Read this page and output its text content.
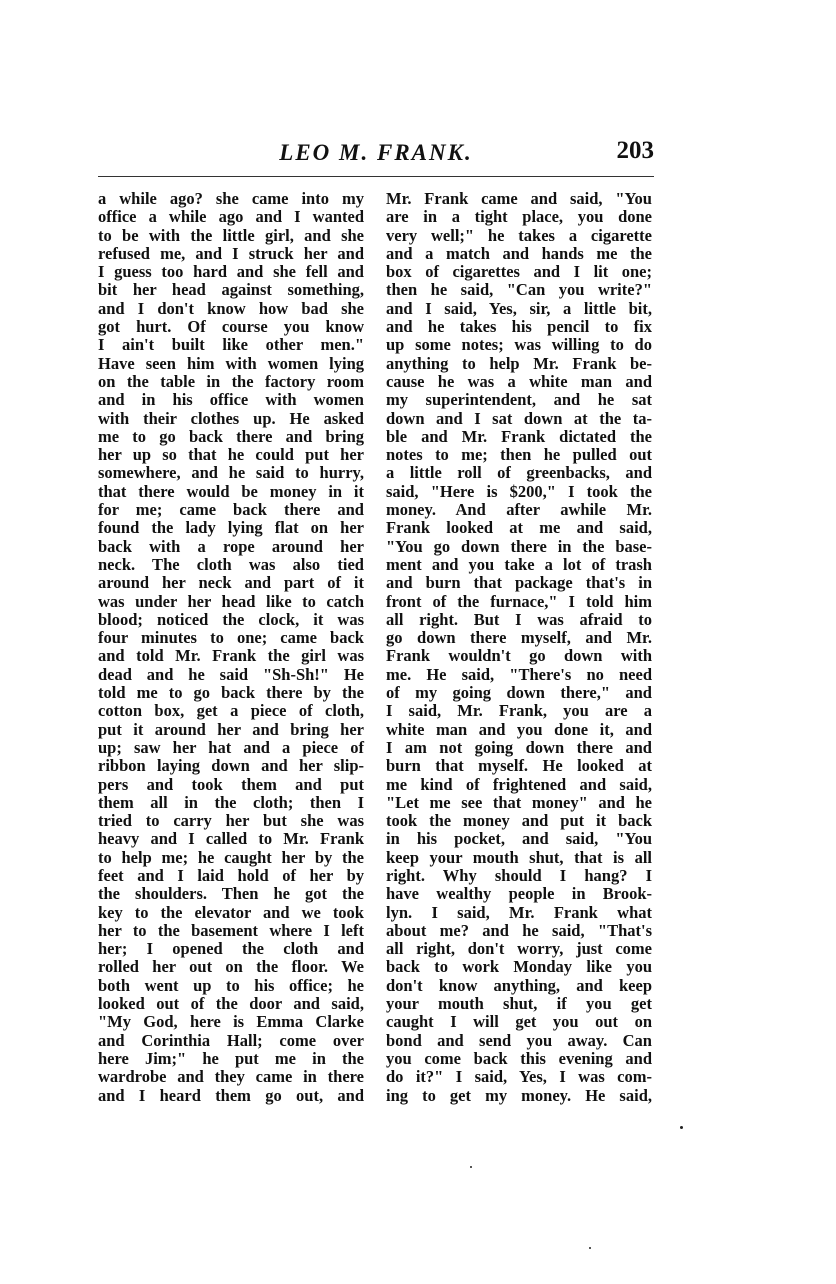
LEO M. FRANK.	203
a while ago? she came into my
office a while ago and I wanted
to be with the little girl, and she
refused me, and I struck her and
I guess too hard and she fell and
bit her head against something,
and I don't know how bad she
got hurt. Of course you know
I ain't built like other men."
Have seen him with women lying
on the table in the factory room
and in his office with women
with their clothes up. He asked
me to go back there and bring
her up so that he could put her
somewhere, and he said to hurry,
that there would be money in it
for me; came back there and
found the lady lying flat on her
back with a rope around her
neck. The cloth was also tied
around her neck and part of it
was under her head like to catch
blood; noticed the clock, it was
four minutes to one; came back
and told Mr. Frank the girl was
dead and he said "Sh-Sh!" He
told me to go back there by the
cotton box, get a piece of cloth,
put it around her and bring her
up; saw her hat and a piece of
ribbon laying down and her slip-
pers and took them and put
them all in the cloth; then I
tried to carry her but she was
heavy and I called to Mr. Frank
to help me; he caught her by the
feet and I laid hold of her by
the shoulders. Then he got the
key to the elevator and we took
her to the basement where I left
her; I opened the cloth and
rolled her out on the floor. We
both went up to his office; he
looked out of the door and said,
"My God, here is Emma Clarke
and Corinthia Hall; come over
here Jim;" he put me in the
wardrobe and they came in there
and I heard them go out, and
Mr. Frank came and said, "You
are in a tight place, you done
very well;" he takes a cigarette
and a match and hands me the
box of cigarettes and I lit one;
then he said, "Can you write?"
and I said, Yes, sir, a little bit,
and he takes his pencil to fix
up some notes; was willing to do
anything to help Mr. Frank be-
cause he was a white man and
my superintendent, and he sat
down and I sat down at the ta-
ble and Mr. Frank dictated the
notes to me; then he pulled out
a little roll of greenbacks, and
said, "Here is $200," I took the
money. And after awhile Mr.
Frank looked at me and said,
"You go down there in the base-
ment and you take a lot of trash
and burn that package that's in
front of the furnace," I told him
all right. But I was afraid to
go down there myself, and Mr.
Frank wouldn't go down with
me. He said, "There's no need
of my going down there," and
I said, Mr. Frank, you are a
white man and you done it, and
I am not going down there and
burn that myself. He looked at
me kind of frightened and said,
"Let me see that money" and he
took the money and put it back
in his pocket, and said, "You
keep your mouth shut, that is all
right. Why should I hang? I
have wealthy people in Brook-
lyn. I said, Mr. Frank what
about me? and he said, "That's
all right, don't worry, just come
back to work Monday like you
don't know anything, and keep
your mouth shut, if you get
caught I will get you out on
bond and send you away. Can
you come back this evening and
do it?" I said, Yes, I was com-
ing to get my money. He said,
